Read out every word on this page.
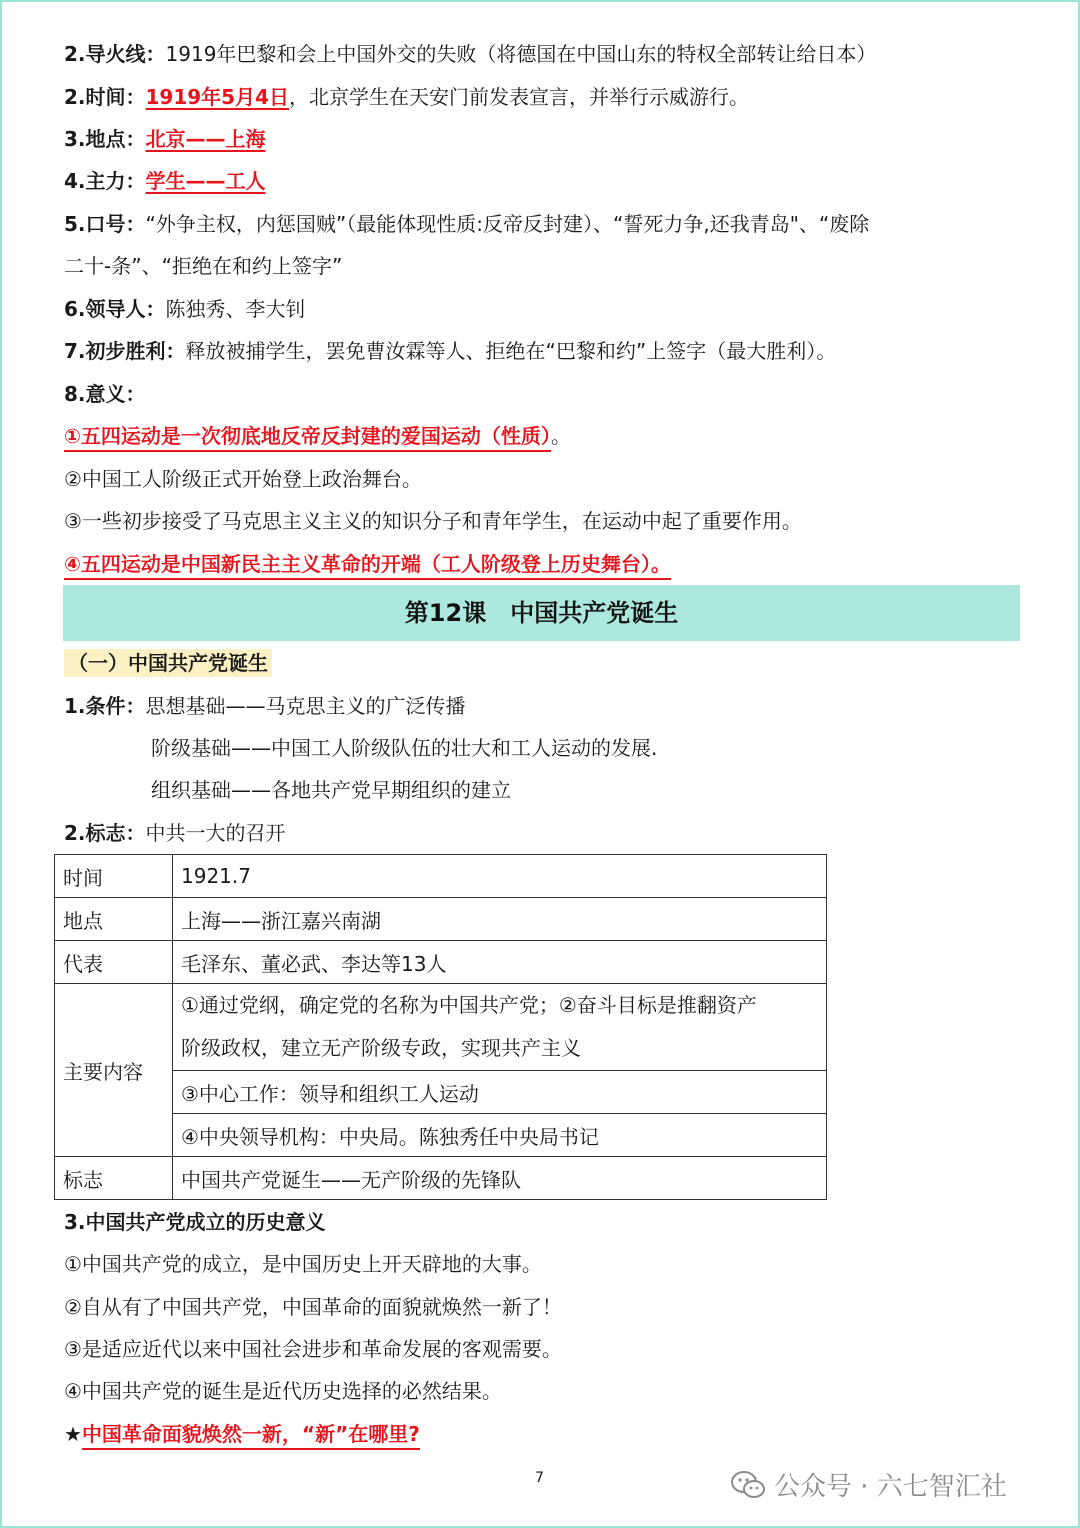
2.导火线：1919年巴黎和会上中国外交的失败（将德国在中国山东的特权全部转让给日本）
2.时间：1919年5月4日，北京学生在天安门前发表宣言，并举行示威游行。
3.地点：北京——上海
4.主力：学生——工人
5.口号：“外争主权，内惩国贼”（最能体现性质:反帝反封建）、“誓死力争,还我青岛"、“废除
二十-条”、“拒绝在和约上签字”
6.领导人：陈独秀、李大钊
7.初步胜利：释放被捕学生，罢免曹汝霖等人、拒绝在“巴黎和约”上签字（最大胜利）。
8.意义：
①五四运动是一次彻底地反帝反封建的爱国运动（性质）。
②中国工人阶级正式开始登上政治舞台。
③一些初步接受了马克思主义主义的知识分子和青年学生，在运动中起了重要作用。
④五四运动是中国新民主主义革命的开端（工人阶级登上历史舞台）。
第12课　中国共产党诞生
（一）中国共产党诞生
1.条件：思想基础——马克思主义的广泛传播
阶级基础——中国工人阶级队伍的壮大和工人运动的发展.
组织基础——各地共产党早期组织的建立
2.标志：中共一大的召开
时间	1921.7
地点	上海——浙江嘉兴南湖
代表	毛泽东、董必武、李达等13人
主要内容	①通过党纲，确定党的名称为中国共产党；②奋斗目标是推翻资产
阶级政权，建立无产阶级专政，实现共产主义

	③中心工作：领导和组织工人运动
	④中央领导机构：中央局。陈独秀任中央局书记
标志	中国共产党诞生——无产阶级的先锋队
3.中国共产党成立的历史意义
①中国共产党的成立，是中国历史上开天辟地的大事。
②自从有了中国共产党，中国革命的面貌就焕然一新了！
③是适应近代以来中国社会进步和革命发展的客观需要。
④中国共产党的诞生是近代历史选择的必然结果。
★中国革命面貌焕然一新，“新”在哪里?
7	公众号 · 六七智汇社
